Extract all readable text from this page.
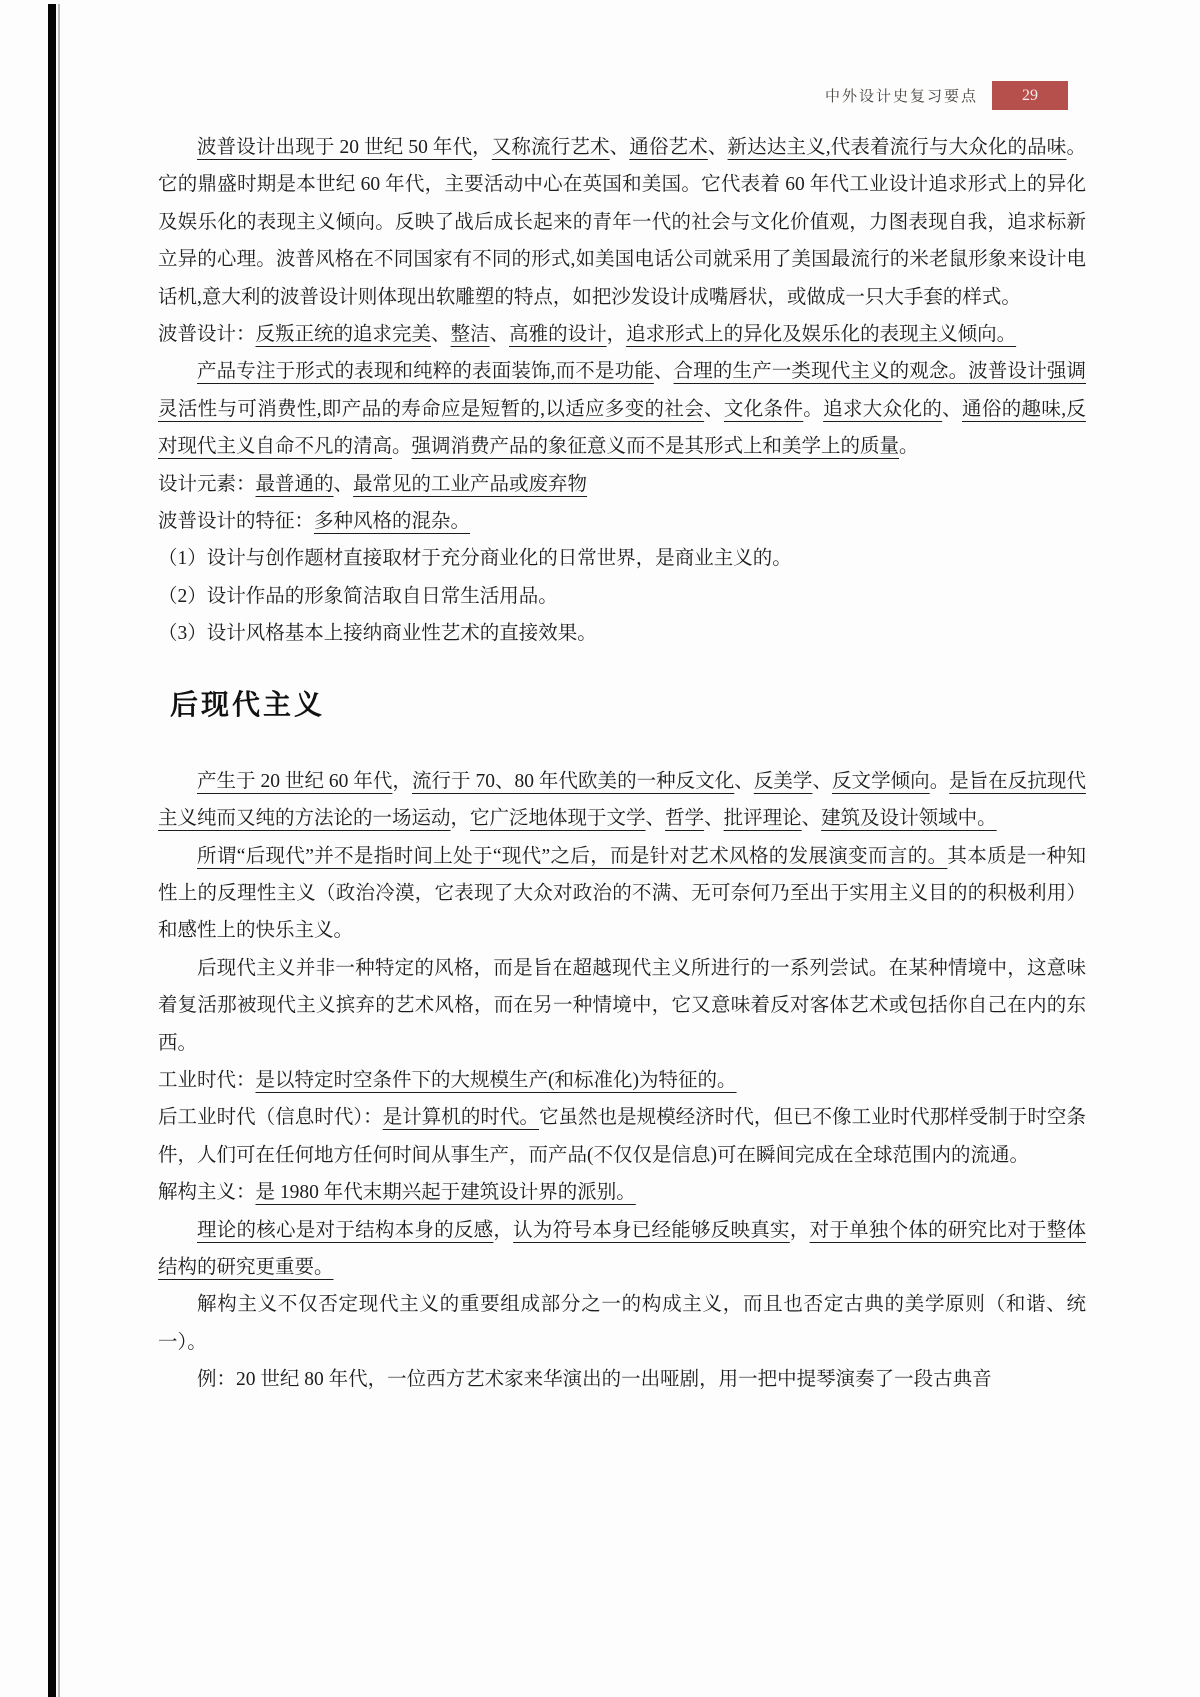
中外设计史复习要点	29

波普设计出现于 20 世纪 50 年代，又称流行艺术、通俗艺术、新达达主义,代表着流行与大众化的品味。它的鼎盛时期是本世纪 60 年代，主要活动中心在英国和美国。它代表着 60 年代工业设计追求形式上的异化及娱乐化的表现主义倾向。反映了战后成长起来的青年一代的社会与文化价值观，力图表现自我，追求标新立异的心理。波普风格在不同国家有不同的形式,如美国电话公司就采用了美国最流行的米老鼠形象来设计电话机,意大利的波普设计则体现出软雕塑的特点，如把沙发设计成嘴唇状，或做成一只大手套的样式。

波普设计：反叛正统的追求完美、整洁、高雅的设计，追求形式上的异化及娱乐化的表现主义倾向。

产品专注于形式的表现和纯粹的表面装饰,而不是功能、合理的生产一类现代主义的观念。波普设计强调灵活性与可消费性,即产品的寿命应是短暂的,以适应多变的社会、文化条件。追求大众化的、通俗的趣味,反对现代主义自命不凡的清高。强调消费产品的象征意义而不是其形式上和美学上的质量。

设计元素：最普通的、最常见的工业产品或废弃物

波普设计的特征：多种风格的混杂。

（1）设计与创作题材直接取材于充分商业化的日常世界，是商业主义的。

（2）设计作品的形象简洁取自日常生活用品。

（3）设计风格基本上接纳商业性艺术的直接效果。

后现代主义

产生于 20 世纪 60 年代，流行于 70、80 年代欧美的一种反文化、反美学、反文学倾向。是旨在反抗现代主义纯而又纯的方法论的一场运动，它广泛地体现于文学、哲学、批评理论、建筑及设计领域中。

所谓“后现代”并不是指时间上处于“现代”之后，而是针对艺术风格的发展演变而言的。其本质是一种知性上的反理性主义（政治冷漠，它表现了大众对政治的不满、无可奈何乃至出于实用主义目的的积极利用）和感性上的快乐主义。

后现代主义并非一种特定的风格，而是旨在超越现代主义所进行的一系列尝试。在某种情境中，这意味着复活那被现代主义摈弃的艺术风格，而在另一种情境中，它又意味着反对客体艺术或包括你自己在内的东西。

工业时代：是以特定时空条件下的大规模生产(和标准化)为特征的。

后工业时代（信息时代）：是计算机的时代。它虽然也是规模经济时代，但已不像工业时代那样受制于时空条件，人们可在任何地方任何时间从事生产，而产品(不仅仅是信息)可在瞬间完成在全球范围内的流通。

解构主义：是 1980 年代末期兴起于建筑设计界的派别。

理论的核心是对于结构本身的反感，认为符号本身已经能够反映真实，对于单独个体的研究比对于整体结构的研究更重要。

解构主义不仅否定现代主义的重要组成部分之一的构成主义，而且也否定古典的美学原则（和谐、统一）。

例：20 世纪 80 年代，一位西方艺术家来华演出的一出哑剧，用一把中提琴演奏了一段古典音
